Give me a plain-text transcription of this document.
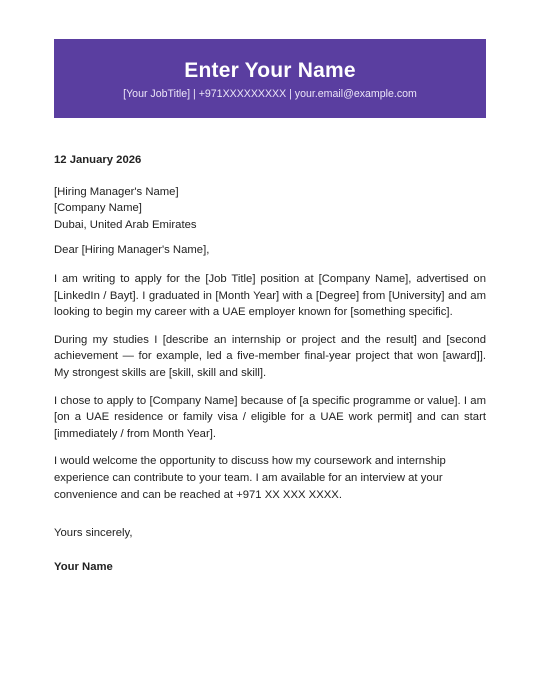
Enter Your Name
[Your JobTitle] | +971XXXXXXXXX | your.email@example.com
12 January 2026
[Hiring Manager's Name]
[Company Name]
Dubai, United Arab Emirates
Dear [Hiring Manager's Name],

I am writing to apply for the [Job Title] position at [Company Name], advertised on [LinkedIn / Bayt]. I graduated in [Month Year] with a [Degree] from [University] and am looking to begin my career with a UAE employer known for [something specific].

During my studies I [describe an internship or project and the result] and [second achievement — for example, led a five-member final-year project that won [award]]. My strongest skills are [skill, skill and skill].

I chose to apply to [Company Name] because of [a specific programme or value]. I am [on a UAE residence or family visa / eligible for a UAE work permit] and can start [immediately / from Month Year].

I would welcome the opportunity to discuss how my coursework and internship experience can contribute to your team. I am available for an interview at your convenience and can be reached at +971 XX XXX XXXX.

Yours sincerely,
Your Name
